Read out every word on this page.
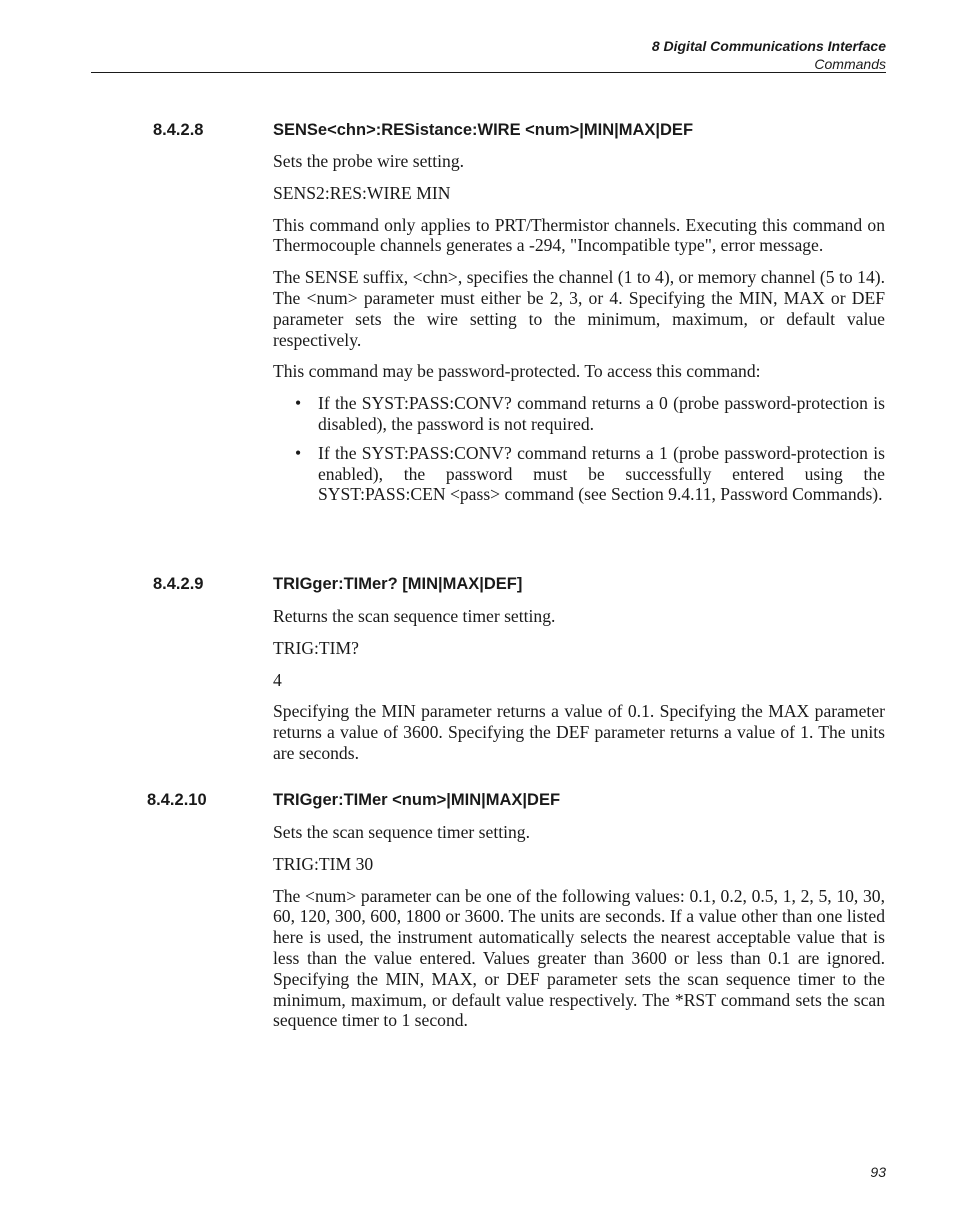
8 Digital Communications Interface
Commands
8.4.2.8	SENSe<chn>:RESistance:WIRE <num>|MIN|MAX|DEF

Sets the probe wire setting.

SENS2:RES:WIRE MIN

This command only applies to PRT/Thermistor channels. Executing this command on Thermocouple channels generates a -294, "Incompatible type", error message.

The SENSE suffix, <chn>, specifies the channel (1 to 4), or memory channel (5 to 14). The <num> parameter must either be 2, 3, or 4. Specifying the MIN, MAX or DEF parameter sets the wire setting to the minimum, maximum, or default value respectively.

This command may be password-protected. To access this command:

• If the SYST:PASS:CONV? command returns a 0 (probe password-protection is disabled), the password is not required.
• If the SYST:PASS:CONV? command returns a 1 (probe password-protection is enabled), the password must be successfully entered using the SYST:PASS:CEN <pass> command (see Section 9.4.11, Password Commands).
8.4.2.9	TRIGger:TIMer? [MIN|MAX|DEF]

Returns the scan sequence timer setting.

TRIG:TIM?

4

Specifying the MIN parameter returns a value of 0.1. Specifying the MAX parameter returns a value of 3600. Specifying the DEF parameter returns a value of 1. The units are seconds.

8.4.2.10	TRIGger:TIMer <num>|MIN|MAX|DEF

Sets the scan sequence timer setting.

TRIG:TIM 30

The <num> parameter can be one of the following values: 0.1, 0.2, 0.5, 1, 2, 5, 10, 30, 60, 120, 300, 600, 1800 or 3600. The units are seconds. If a value other than one listed here is used, the instrument automatically selects the nearest acceptable value that is less than the value entered. Values greater than 3600 or less than 0.1 are ignored. Specifying the MIN, MAX, or DEF parameter sets the scan sequence timer to the minimum, maximum, or default value respectively. The *RST command sets the scan sequence timer to 1 second.

93
